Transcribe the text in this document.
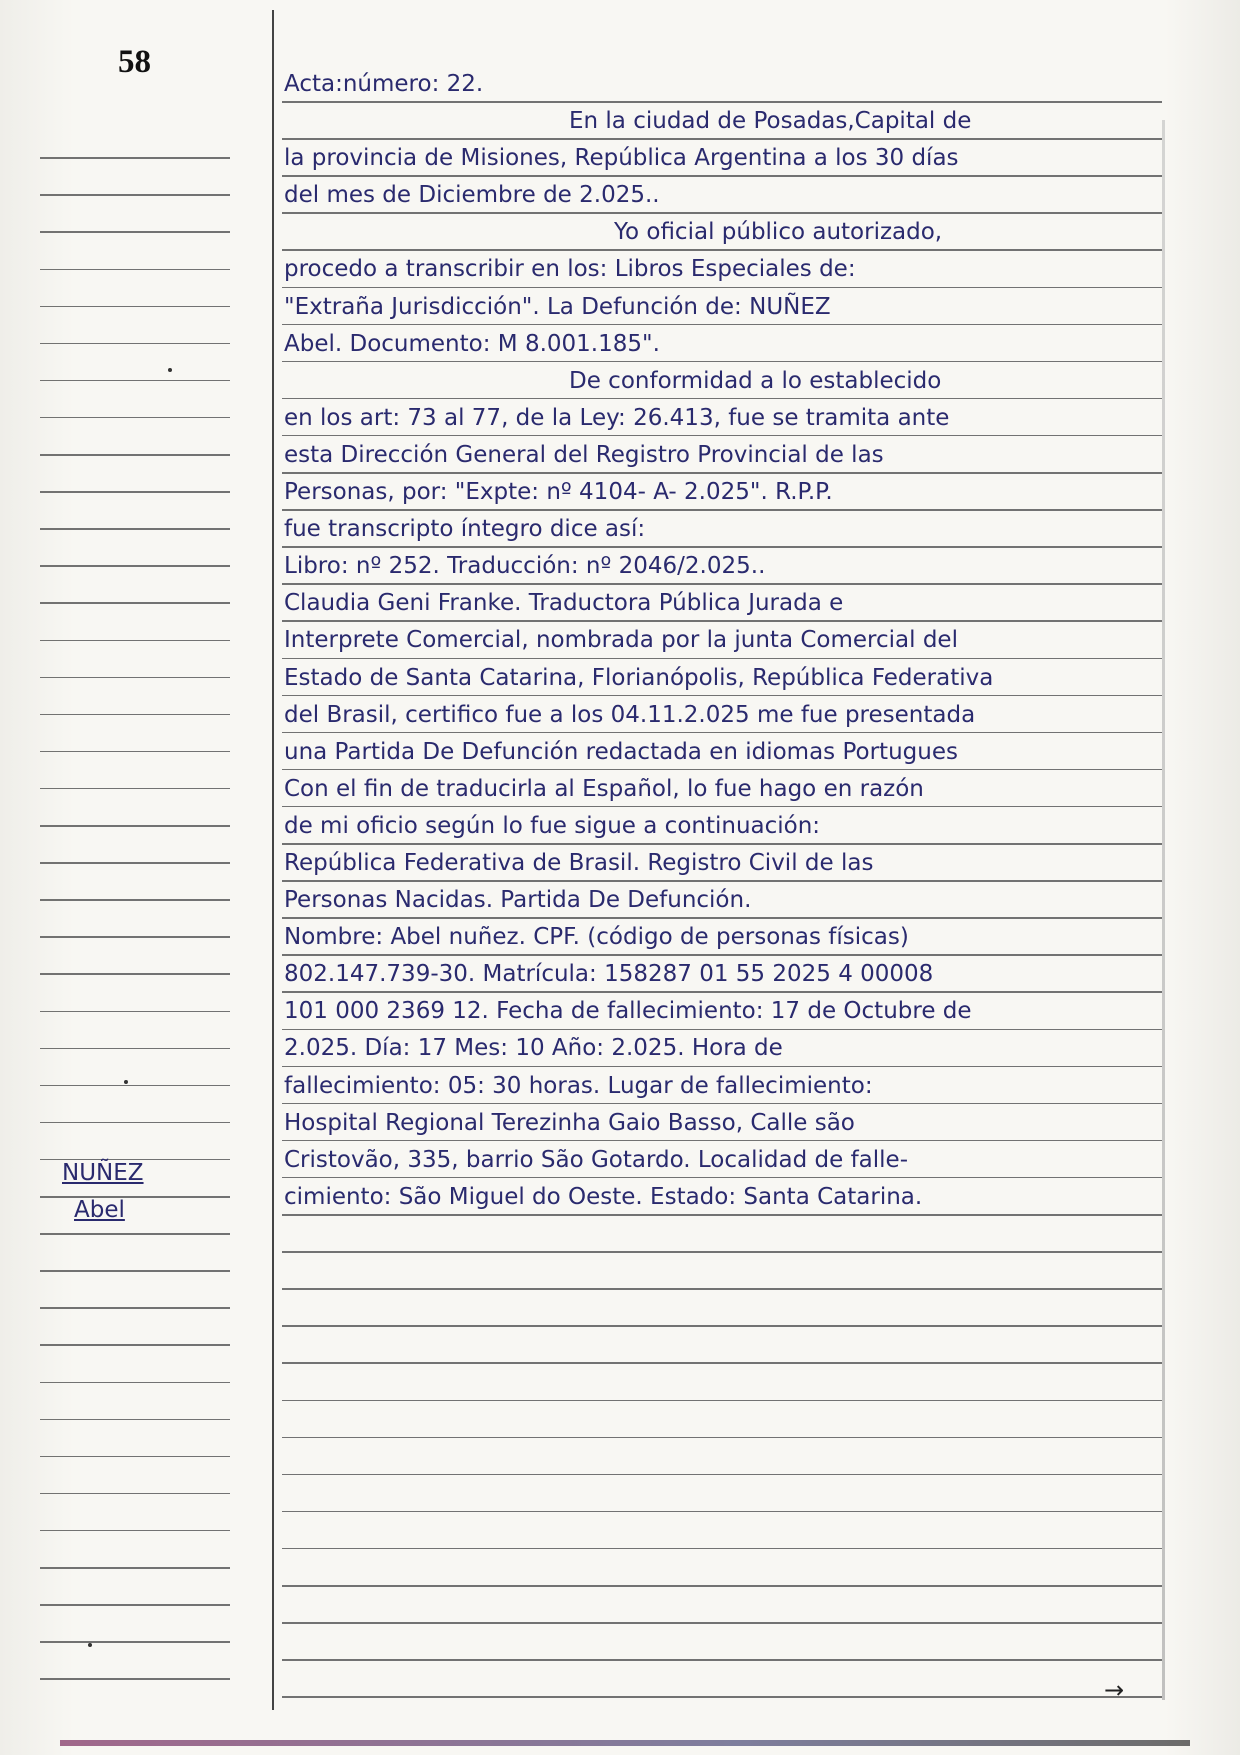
58
NUÑEZ
Abel
Acta:número: 22.
En la ciudad de Posadas,Capital de
la provincia de Misiones, República Argentina a los 30 días
del mes de Diciembre de 2.025..
Yo oficial público autorizado,
procedo a transcribir en los: Libros Especiales de:
"Extraña Jurisdicción". La Defunción de: NUÑEZ
Abel. Documento: M 8.001.185".
De conformidad a lo establecido
en los art: 73 al 77, de la Ley: 26.413, fue se tramita ante
esta Dirección General del Registro Provincial de las
Personas, por: "Expte: nº 4104- A- 2.025". R.P.P.
fue transcripto íntegro dice así:
Libro: nº 252. Traducción: nº 2046/2.025..
Claudia Geni Franke. Traductora Pública Jurada e
Interprete Comercial, nombrada por la junta Comercial del
Estado de Santa Catarina, Florianópolis, República Federativa
del Brasil, certifico fue a los 04.11.2.025 me fue presentada
una Partida De Defunción redactada en idiomas Portugues
Con el fin de traducirla al Español, lo fue hago en razón
de mi oficio según lo fue sigue a continuación:
República Federativa de Brasil. Registro Civil de las
Personas Nacidas. Partida De Defunción.
Nombre: Abel nuñez. CPF. (código de personas físicas)
802.147.739-30. Matrícula: 158287 01 55 2025 4 00008
101 000 2369 12. Fecha de fallecimiento: 17 de Octubre de
2.025. Día: 17 Mes: 10 Año: 2.025. Hora de
fallecimiento: 05: 30 horas. Lugar de fallecimiento:
Hospital Regional Terezinha Gaio Basso, Calle são
Cristovão, 335, barrio São Gotardo. Localidad de falle-
cimiento: São Miguel do Oeste. Estado: Santa Catarina.
→
